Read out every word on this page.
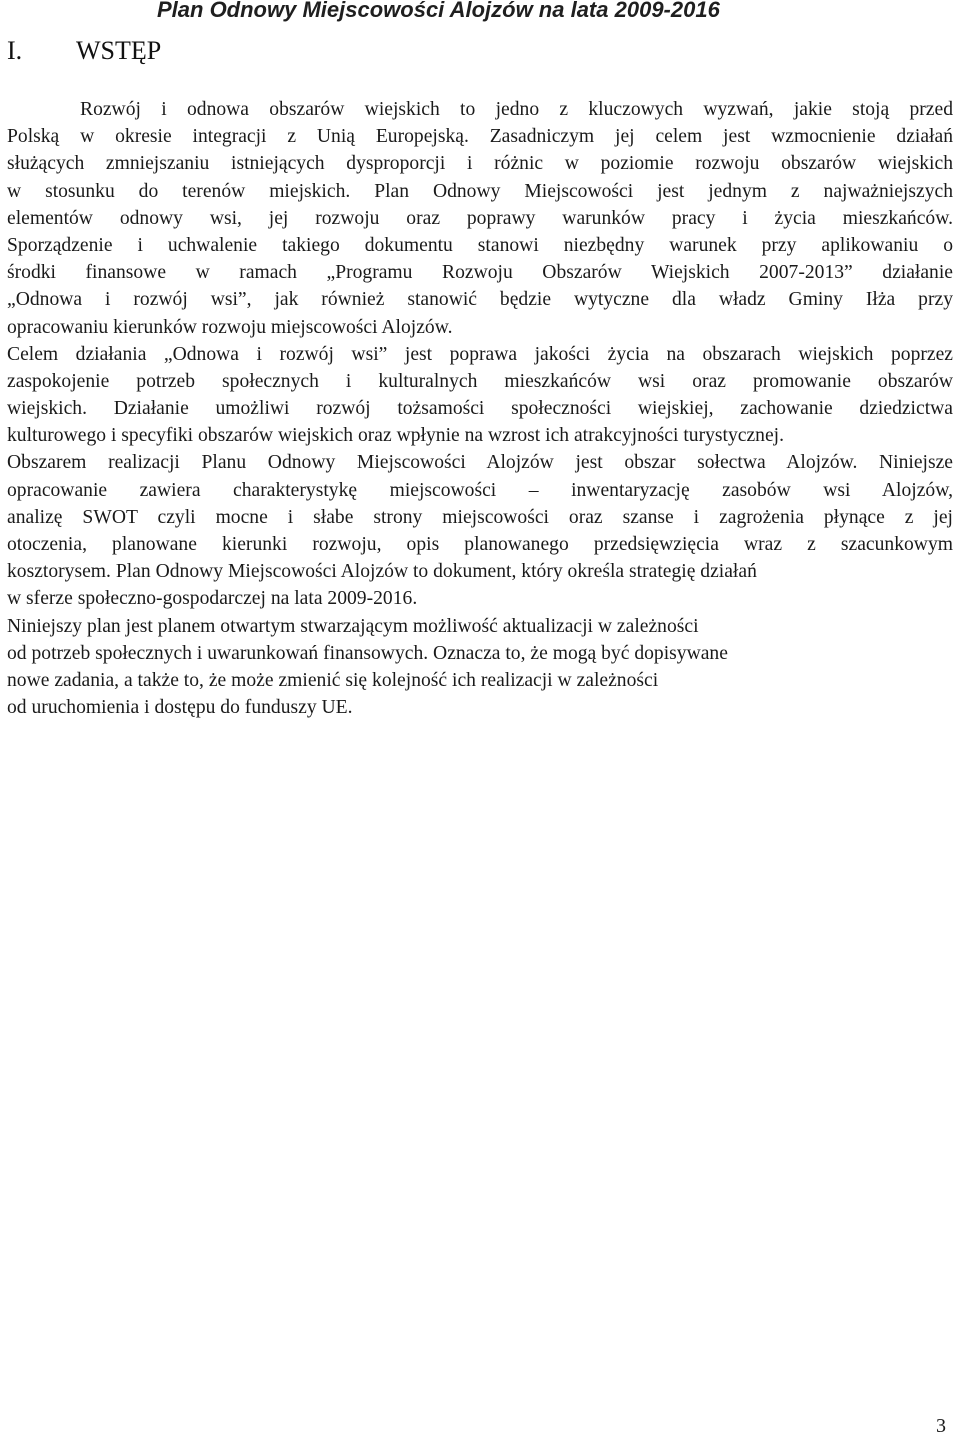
Plan Odnowy Miejscowości Alojzów na lata 2009-2016
I. WSTĘP
Rozwój i odnowa obszarów wiejskich to jedno z kluczowych wyzwań, jakie stoją przed
Polską w okresie integracji z Unią Europejską. Zasadniczym jej celem jest wzmocnienie działań
służących zmniejszaniu istniejących dysproporcji i różnic w poziomie rozwoju obszarów wiejskich
w stosunku do terenów miejskich. Plan Odnowy Miejscowości jest jednym z najważniejszych
elementów odnowy wsi, jej rozwoju oraz poprawy warunków pracy i życia mieszkańców.
Sporządzenie i uchwalenie takiego dokumentu stanowi niezbędny warunek przy aplikowaniu o
środki finansowe w ramach „Programu Rozwoju Obszarów Wiejskich 2007-2013” działanie
„Odnowa i rozwój wsi”, jak również stanowić będzie wytyczne dla władz Gminy Iłża przy
opracowaniu kierunków rozwoju miejscowości Alojzów.
Celem działania „Odnowa i rozwój wsi” jest poprawa jakości życia na obszarach wiejskich poprzez
zaspokojenie potrzeb społecznych i kulturalnych mieszkańców wsi oraz promowanie obszarów
wiejskich. Działanie umożliwi rozwój tożsamości społeczności wiejskiej, zachowanie dziedzictwa
kulturowego i specyfiki obszarów wiejskich oraz wpłynie na wzrost ich atrakcyjności turystycznej.
Obszarem realizacji Planu Odnowy Miejscowości Alojzów jest obszar sołectwa Alojzów. Niniejsze
opracowanie zawiera charakterystykę miejscowości – inwentaryzację zasobów wsi Alojzów,
analizę SWOT czyli mocne i słabe strony miejscowości oraz szanse i zagrożenia płynące z jej
otoczenia, planowane kierunki rozwoju, opis planowanego przedsięwzięcia wraz z szacunkowym
kosztorysem. Plan Odnowy Miejscowości Alojzów to dokument, który określa strategię działań
w sferze społeczno-gospodarczej na lata 2009-2016.
Niniejszy plan jest planem otwartym stwarzającym możliwość aktualizacji w zależności
od potrzeb społecznych i uwarunkowań finansowych. Oznacza to, że mogą być dopisywane
nowe zadania, a także to, że może zmienić się kolejność ich realizacji w zależności
od uruchomienia i dostępu do funduszy UE.
3
